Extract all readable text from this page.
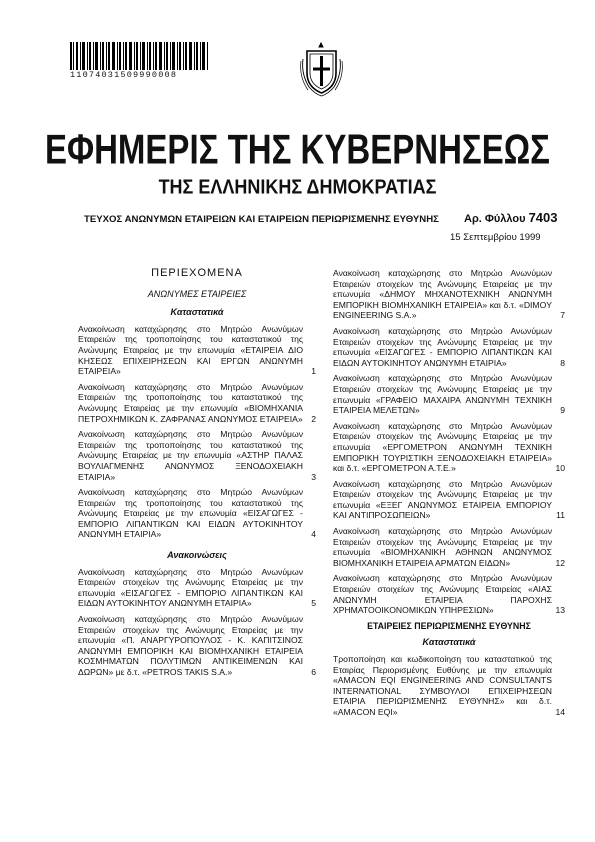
11074031509990008
ΕΦΗΜΕΡΙΣ ΤΗΣ ΚΥΒΕΡΝΗΣΕΩΣ
ΤΗΣ ΕΛΛΗΝΙΚΗΣ ΔΗΜΟΚΡΑΤΙΑΣ
ΤΕΥΧΟΣ ΑΝΩΝΥΜΩΝ ΕΤΑΙΡΕΙΩΝ ΚΑΙ ΕΤΑΙΡΕΙΩΝ ΠΕΡΙΩΡΙΣΜΕΝΗΣ ΕΥΘΥΝΗΣ Αρ. Φύλλου 7403
15 Σεπτεμβρίου 1999
ΠΕΡΙΕΧΟΜΕΝΑ
ΑΝΩΝΥΜΕΣ ΕΤΑΙΡΕΙΕΣ
Καταστατικά
Ανακοίνωση καταχώρησης στο Μητρώο Ανωνύμων Εταιρειών της τροποποίησης του καταστατικού της Ανώνυμης Εταιρείας με την επωνυμία «ΕΤΑΙΡΕΙΑ ΔΙΟ ΚΗΣΕΩΣ ΕΠΙΧΕΙΡΗΣΕΩΝ ΚΑΙ ΕΡΓΩΝ ΑΝΩΝΥΜΗ ΕΤΑΙΡΕΙΑ»	1
Ανακοίνωση καταχώρησης στο Μητρώο Ανωνύμων Εταιρειών της τροποποίησης του καταστατικού της Ανώνυμης Εταιρείας με την επωνυμία «ΒΙΟΜΗΧΑΝΙΑ ΠΕΤΡΟΧΗΜΙΚΩΝ Κ. ΖΑΦΡΑΝΑΣ ΑΝΩΝΥΜΟΣ ΕΤΑΙΡΕΙΑ» 2
Ανακοίνωση καταχώρησης στο Μητρώο Ανωνύμων Εταιρειών της τροποποίησης του καταστατικού της Ανώνυμης Εταιρείας με την επωνυμία «ΑΣΤΗΡ ΠΑΛΑΣ ΒΟΥΛΙΑΓΜΕΝΗΣ ΑΝΩΝΥΜΟΣ ΞΕΝΟΔΟΧΕΙΑΚΗ ΕΤΑΙΡΙΑ»	3
Ανακοίνωση καταχώρησης στο Μητρώο Ανωνύμων Εταιρειών της τροποποίησης του καταστατικού της Ανώνυμης Εταιρείας με την επωνυμία «ΕΙΣΑΓΩΓΕΣ - ΕΜΠΟΡΙΟ ΛΙΠΑΝΤΙΚΩΝ ΚΑΙ ΕΙΔΩΝ ΑΥΤΟΚΙΝΗΤΟΥ ΑΝΩΝΥΜΗ ΕΤΑΙΡΙΑ»	4
Ανακοινώσεις
Ανακοίνωση καταχώρησης στο Μητρώο Ανωνύμων Εταιρειών στοιχείων της Ανώνυμης Εταιρείας με την επωνυμία «ΕΙΣΑΓΩΓΕΣ - ΕΜΠΟΡΙΟ ΛΙΠΑΝΤΙΚΩΝ ΚΑΙ ΕΙΔΩΝ ΑΥΤΟΚΙΝΗΤΟΥ ΑΝΩΝΥΜΗ ΕΤΑΙΡΙΑ»	5
Ανακοίνωση καταχώρησης στο Μητρώο Ανωνύμων Εταιρειών στοιχείων της Ανώνυμης Εταιρείας με την επωνυμία «Π. ΑΝΑΡΓΥΡΟΠΟΥΛΟΣ - Κ. ΚΑΠΙΤΣΙΝΟΣ ΑΝΩΝΥΜΗ ΕΜΠΟΡΙΚΗ ΚΑΙ ΒΙΟΜΗΧΑΝΙΚΗ ΕΤΑΙΡΕΙΑ ΚΟΣΜΗΜΑΤΩΝ ΠΟΛΥΤΙΜΩΝ ΑΝΤΙΚΕΙΜΕΝΩΝ ΚΑΙ ΔΩΡΩΝ» με δ.τ. «PETROS TAKIS S.A.»	6
Ανακοίνωση καταχώρησης στο Μητρώο Ανωνύμων Εταιρειών στοιχείων της Ανώνυμης Εταιρείας με την επωνυμία «ΔΗΜΟΥ ΜΗΧΑΝΟΤΕΧΝΙΚΗ ΑΝΩΝΥΜΗ ΕΜΠΟΡΙΚΗ ΒΙΟΜΗΧΑΝΙΚΗ ΕΤΑΙΡΕΙΑ» και δ.τ. «DIMOY ENGINEERING S.A.»	7
Ανακοίνωση καταχώρησης στο Μητρώο Ανωνύμων Εταιρειών στοιχείων της Ανώνυμης Εταιρείας με την επωνυμία «ΕΙΣΑΓΩΓΕΣ - ΕΜΠΟΡΙΟ ΛΙΠΑΝΤΙΚΩΝ ΚΑΙ ΕΙΔΩΝ ΑΥΤΟΚΙΝΗΤΟΥ ΑΝΩΝΥΜΗ ΕΤΑΙΡΙΑ»	8
Ανακοίνωση καταχώρησης στο Μητρώο Ανωνύμων Εταιρειών στοιχείων της Ανώνυμης Εταιρείας με την επωνυμία «ΓΡΑΦΕΙΟ ΜΑΧΑΙΡΑ ΑΝΩΝΥΜΗ ΤΕΧΝΙΚΗ ΕΤΑΙΡΕΙΑ ΜΕΛΕΤΩΝ»	9
Ανακοίνωση καταχώρησης στο Μητρώο Ανωνύμων Εταιρειών στοιχείων της Ανώνυμης Εταιρείας με την επωνυμία «ΕΡΓΟΜΕΤΡΟΝ ΑΝΩΝΥΜΗ ΤΕΧΝΙΚΗ ΕΜΠΟΡΙΚΗ ΤΟΥΡΙΣΤΙΚΗ ΞΕΝΟΔΟΧΕΙΑΚΗ ΕΤΑΙΡΕΙΑ» και δ.τ. «ΕΡΓΟΜΕΤΡΟΝ Α.Τ.Ε.»	10
Ανακοίνωση καταχώρησης στο Μητρώο Ανωνύμων Εταιρειών στοιχείων της Ανώνυμης Εταιρείας με την επωνυμία «ΕΞΕΓ ΑΝΩΝΥΜΟΣ ΕΤΑΙΡΕΙΑ ΕΜΠΟΡΙΟΥ ΚΑΙ ΑΝΤΙΠΡΟΣΩΠΕΙΩΝ»	11
Ανακοίνωση καταχώρησης στο Μητρώο Ανωνύμων Εταιρειών στοιχείων της Ανώνυμης Εταιρείας με την επωνυμία «ΒΙΟΜΗΧΑΝΙΚΗ ΑΘΗΝΩΝ ΑΝΩΝΥΜΟΣ ΒΙΟΜΗΧΑΝΙΚΗ ΕΤΑΙΡΕΙΑ ΑΡΜΑΤΩΝ ΕΙΔΩΝ»	12
Ανακοίνωση καταχώρησης στο Μητρώο Ανωνύμων Εταιρειών στοιχείων της Ανώνυμης Εταιρείας «ΑΙΑΣ ΑΝΩΝΥΜΗ ΕΤΑΙΡΕΙΑ ΠΑΡΟΧΗΣ ΧΡΗΜΑΤΟΟΙΚΟΝΟΜΙΚΩΝ ΥΠΗΡΕΣΙΩΝ»	13
ΕΤΑΙΡΕΙΕΣ ΠΕΡΙΩΡΙΣΜΕΝΗΣ ΕΥΘΥΝΗΣ
Καταστατικά
Τροποποίηση και κωδικοποίηση του καταστατικού της Εταιρίας Περιορισμένης Ευθύνης με την επωνυμία «AMACON EQI ENGINEERING AND CONSULTANTS INTERNATIONAL ΣΥΜΒΟΥΛΟΙ ΕΠΙΧΕΙΡΗΣΕΩΝ ΕΤΑΙΡΙΑ ΠΕΡΙΩΡΙΣΜΕΝΗΣ ΕΥΘΥΝΗΣ» και δ.τ. «AMACON EQI»	14
